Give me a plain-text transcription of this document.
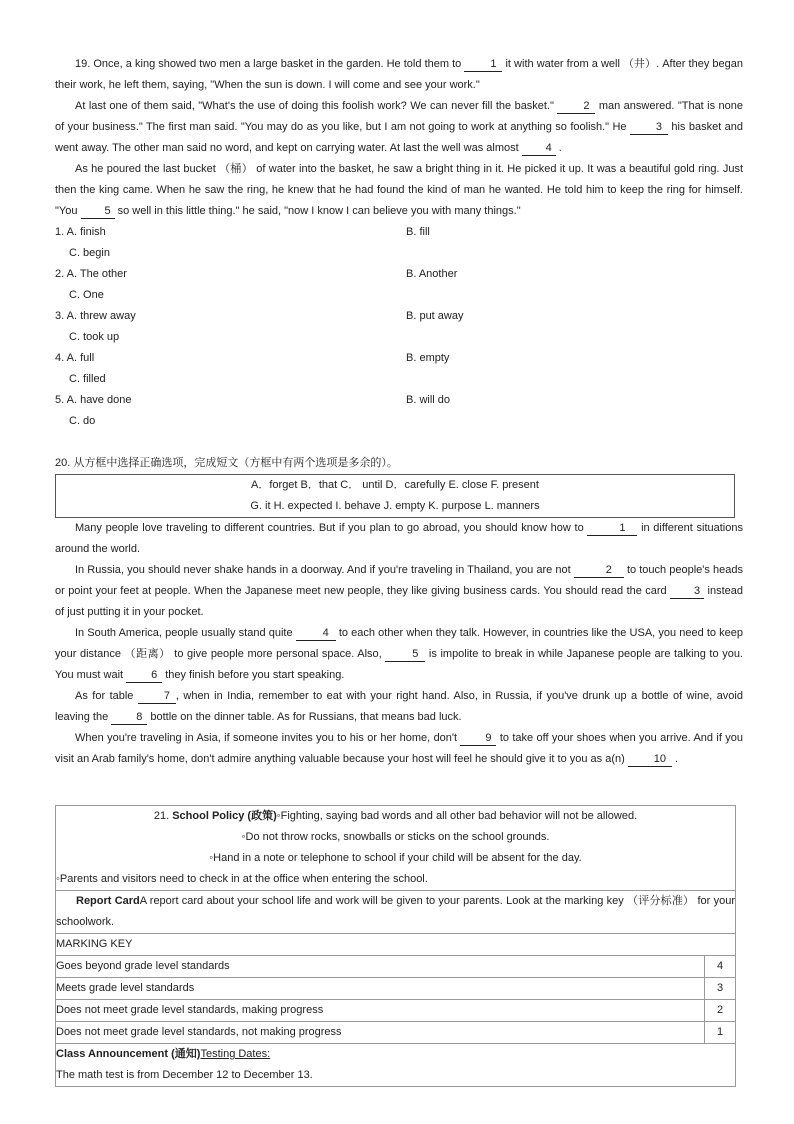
19. Once, a king showed two men a large basket in the garden. He told them to	1 it with water from a well （井）. After they began their work, he left them, saying, "When the sun is down. I will come and see your work."

At last one of them said, "What's the use of doing this foolish work? We can never fill the basket."	2 man answered. "That is none of your business." The first man said. "You may do as you like, but I am not going to work at anything so foolish." He	3 his basket and went away. The other man said no word, and kept on carrying water. At last the well was almost 4 .

As he poured the last bucket （桶） of water into the basket, he saw a bright thing in it. He picked it up. It was a beautiful gold ring. Just then the king came. When he saw the ring, he knew that he had found the kind of man he wanted. He told him to keep the ring for himself. "You 5 so well in this little thing." he said, "now I know I can believe you with many things."

1. A. finish	B. fill
C. begin
2. A. The other	B. Another
C. One
3. A. threw away	B. put away
C. took up
4. A. full	B. empty
C. filled
5. A. have done	B. will do
C. do

20. 从方框中选择正确选项，完成短文（方框中有两个选项是多余的）。

A．forget B．that C． until D．carefully E. close F. present
G. it H. expected I. behave J. empty K. purpose L. manners

Many people love traveling to different countries. But if you plan to go abroad, you should know how to	1 in different situations around the world.

In Russia, you should never shake hands in a doorway. And if you're traveling in Thailand, you are not	2 to touch people's heads or point your feet at people. When the Japanese meet new people, they like giving business cards. You should read the card 3 instead of just putting it in your pocket.

In South America, people usually stand quite	4 to each other when they talk. However, in countries like the USA, you need to keep your distance （距离） to give people more personal space. Also,	5 is impolite to break in while Japanese people are talking to you. You must wait	6 they finish before you start speaking.

As for table	7 , when in India, remember to eat with your right hand. Also, in Russia, if you've drunk up a bottle of wine, avoid leaving the	8 bottle on the dinner table. As for Russians, that means bad luck.

When you're traveling in Asia, if someone invites you to his or her home, don't	9 to take off your shoes when you arrive. And if you visit an Arab family's home, don't admire anything valuable because your host will feel he should give it to you as a(n)	10 .

21. School Policy (政策)◦Fighting, saying bad words and all other bad behavior will not be allowed.
◦Do not throw rocks, snowballs or sticks on the school grounds.
◦Hand in a note or telephone to school if your child will be absent for the day.
◦Parents and visitors need to check in at the office when entering the school.
Report CardA report card about your school life and work will be given to your parents. Look at the marking key （评分标准） for your schoolwork.
MARKING KEY
Goes beyond grade level standards	4
Meets grade level standards	3
Does not meet grade level standards, making progress	2
Does not meet grade level standards, not making progress	1
Class Announcement (通知)Testing Dates:
The math test is from December 12 to December 13.
